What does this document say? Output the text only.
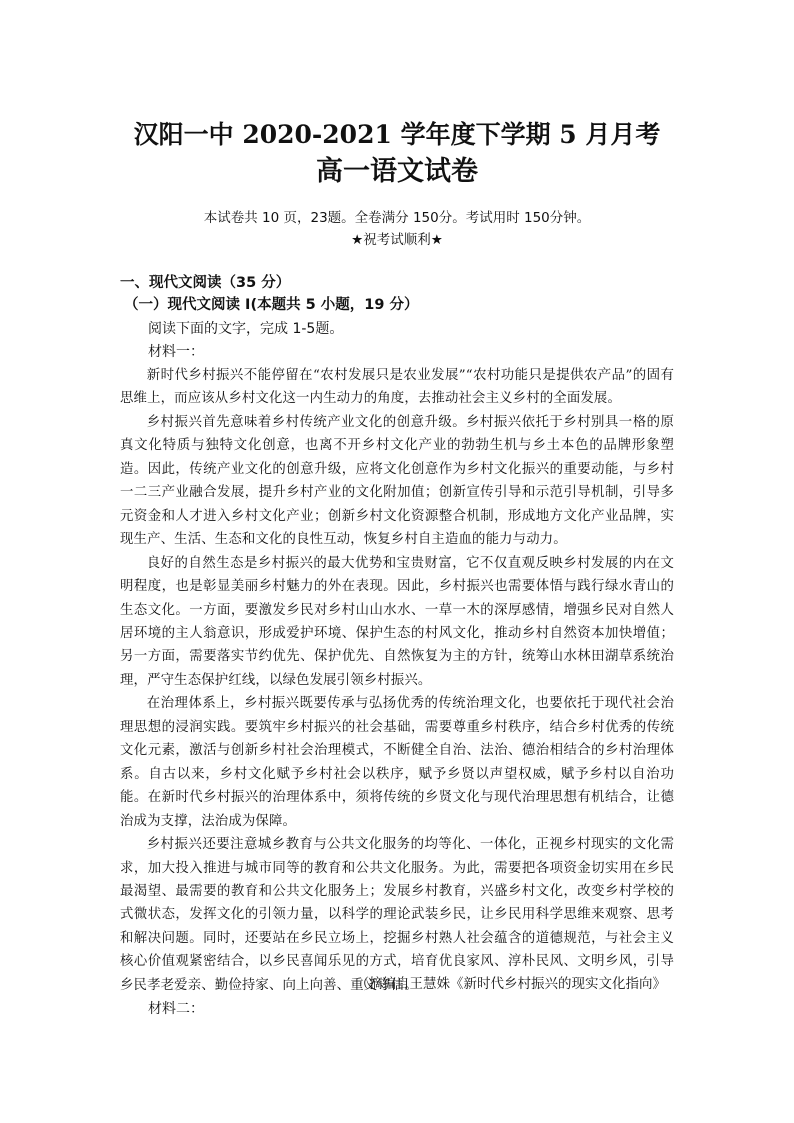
汉阳一中 2020-2021 学年度下学期 5 月月考
高一语文试卷
本试卷共 10 页，23题。全卷满分 150分。考试用时 150分钟。
★祝考试顺利★
一、现代文阅读（35 分）
（一）现代文阅读 I(本题共 5 小题，19 分）
阅读下面的文字，完成 1-5题。
材料一：

新时代乡村振兴不能停留在“农村发展只是农业发展”“农村功能只是提供农产品”的固有思维上，而应该从乡村文化这一内生动力的角度，去推动社会主义乡村的全面发展。

乡村振兴首先意味着乡村传统产业文化的创意升级。乡村振兴依托于乡村别具一格的原真文化特质与独特文化创意，也离不开乡村文化产业的勃勃生机与乡土本色的品牌形象塑造。因此，传统产业文化的创意升级，应将文化创意作为乡村文化振兴的重要动能，与乡村一二三产业融合发展，提升乡村产业的文化附加值；创新宣传引导和示范引导机制，引导多元资金和人才进入乡村文化产业；创新乡村文化资源整合机制，形成地方文化产业品牌，实现生产、生活、生态和文化的良性互动，恢复乡村自主造血的能力与动力。

良好的自然生态是乡村振兴的最大优势和宝贵财富，它不仅直观反映乡村发展的内在文明程度，也是彰显美丽乡村魅力的外在表现。因此，乡村振兴也需要体悟与践行绿水青山的生态文化。一方面，要激发乡民对乡村山山水水、一草一木的深厚感情，增强乡民对自然人居环境的主人翁意识，形成爱护环境、保护生态的村风文化，推动乡村自然资本加快增值；另一方面，需要落实节约优先、保护优先、自然恢复为主的方针，统筹山水林田湖草系统治理，严守生态保护红线，以绿色发展引领乡村振兴。

在治理体系上，乡村振兴既要传承与弘扬优秀的传统治理文化，也要依托于现代社会治理思想的浸润实践。要筑牢乡村振兴的社会基础，需要尊重乡村秩序，结合乡村优秀的传统文化元素，激活与创新乡村社会治理模式，不断健全自治、法治、德治相结合的乡村治理体系。自古以来，乡村文化赋予乡村社会以秩序，赋予乡贤以声望权威，赋予乡村以自治功能。在新时代乡村振兴的治理体系中，须将传统的乡贤文化与现代治理思想有机结合，让德治成为支撑，法治成为保障。

乡村振兴还要注意城乡教育与公共文化服务的均等化、一体化，正视乡村现实的文化需求，加大投入推进与城市同等的教育和公共文化服务。为此，需要把各项资金切实用在乡民最渴望、最需要的教育和公共文化服务上；发展乡村教育，兴盛乡村文化，改变乡村学校的式微状态，发挥文化的引领力量，以科学的理论武装乡民，让乡民用科学思维来观察、思考和解决问题。同时，还要站在乡民立场上，挖掘乡村熟人社会蕴含的道德规范，与社会主义核心价值观紧密结合，以乡民喜闻乐见的方式，培育优良家风、淳朴民风、文明乡风，引导乡民孝老爱亲、勤俭持家、向上向善、重义守信。

（摘编自王慧姝《新时代乡村振兴的现实文化指向》
材料二：
